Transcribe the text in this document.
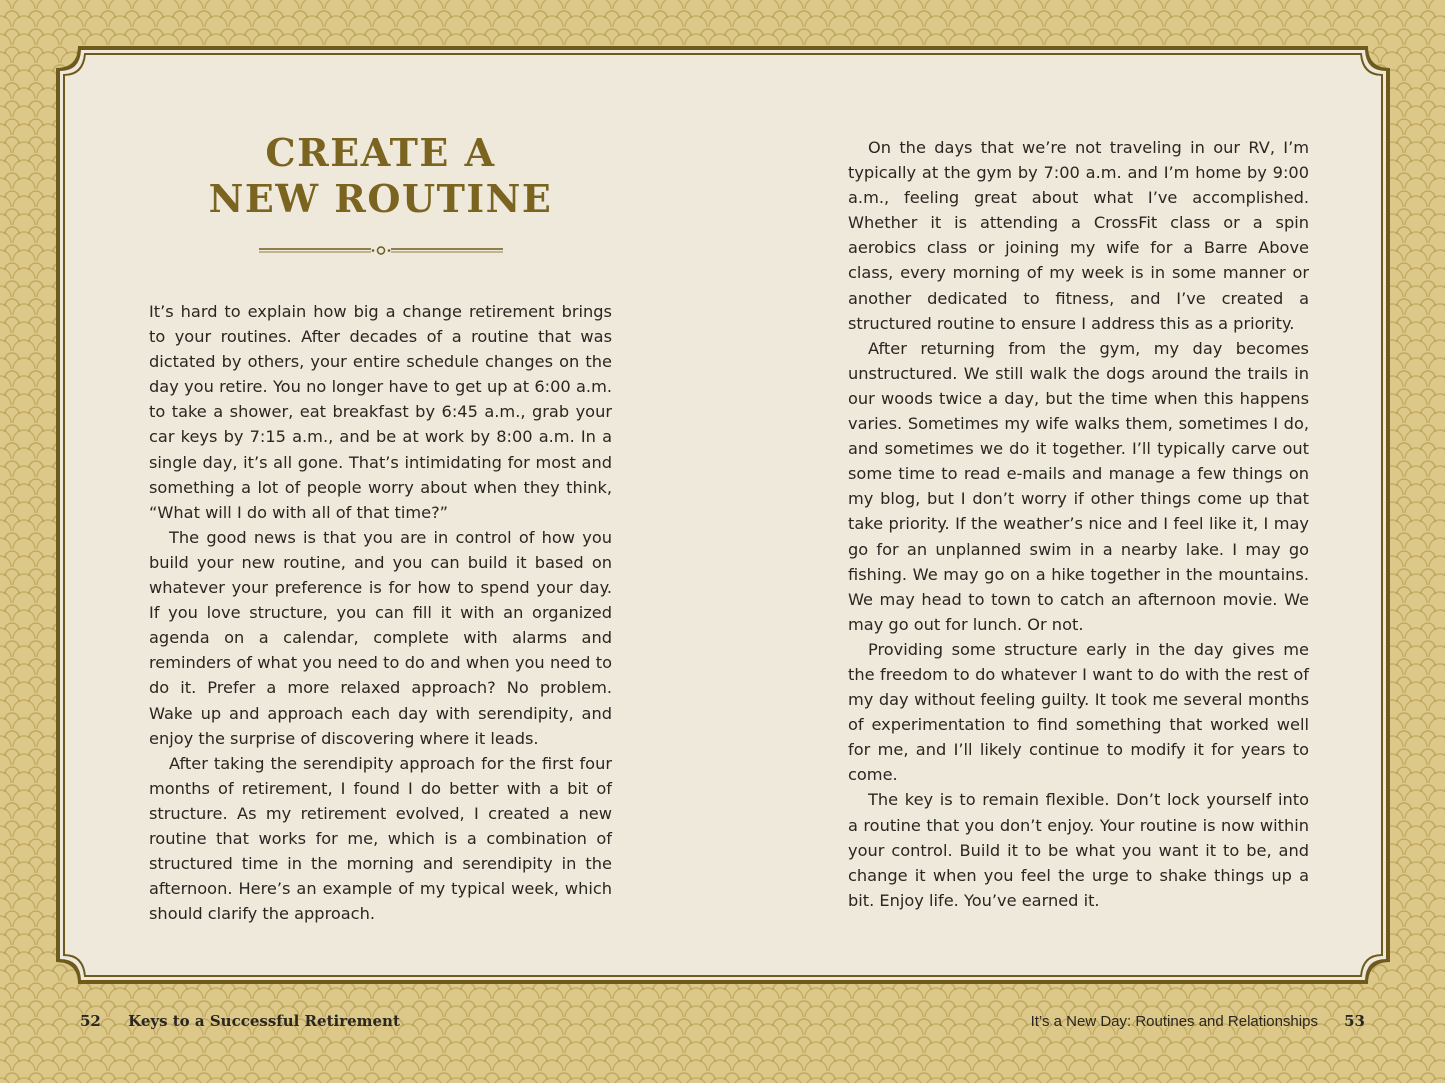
CREATE A
NEW ROUTINE

It’s hard to explain how big a change retirement brings to your routines. After decades of a routine that was dictated by others, your entire schedule changes on the day you retire. You no longer have to get up at 6:00 a.m. to take a shower, eat breakfast by 6:45 a.m., grab your car keys by 7:15 a.m., and be at work by 8:00 a.m. In a single day, it’s all gone. That’s intimidating for most and something a lot of people worry about when they think, “What will I do with all of that time?”

The good news is that you are in control of how you build your new routine, and you can build it based on whatever your preference is for how to spend your day. If you love structure, you can fill it with an organized agenda on a calendar, complete with alarms and reminders of what you need to do and when you need to do it. Prefer a more relaxed approach? No problem. Wake up and approach each day with serendipity, and enjoy the surprise of discovering where it leads.

After taking the serendipity approach for the first four months of retirement, I found I do better with a bit of structure. As my retirement evolved, I created a new routine that works for me, which is a combination of structured time in the morning and serendipity in the afternoon. Here’s an example of my typical week, which should clarify the approach.

On the days that we’re not traveling in our RV, I’m typically at the gym by 7:00 a.m. and I’m home by 9:00 a.m., feeling great about what I’ve accomplished. Whether it is attending a CrossFit class or a spin aerobics class or joining my wife for a Barre Above class, every morning of my week is in some manner or another dedicated to fitness, and I’ve created a structured routine to ensure I address this as a priority.

After returning from the gym, my day becomes unstructured. We still walk the dogs around the trails in our woods twice a day, but the time when this happens varies. Sometimes my wife walks them, sometimes I do, and sometimes we do it together. I’ll typically carve out some time to read e-mails and manage a few things on my blog, but I don’t worry if other things come up that take priority. If the weather’s nice and I feel like it, I may go for an unplanned swim in a nearby lake. I may go fishing. We may go on a hike together in the mountains. We may head to town to catch an afternoon movie. We may go out for lunch. Or not.

Providing some structure early in the day gives me the freedom to do whatever I want to do with the rest of my day without feeling guilty. It took me several months of experimentation to find something that worked well for me, and I’ll likely continue to modify it for years to come.

The key is to remain flexible. Don’t lock yourself into a routine that you don’t enjoy. Your routine is now within your control. Build it to be what you want it to be, and change it when you feel the urge to shake things up a bit. Enjoy life. You’ve earned it.

52 Keys to a Successful Retirement	It’s a New Day: Routines and Relationships 53
